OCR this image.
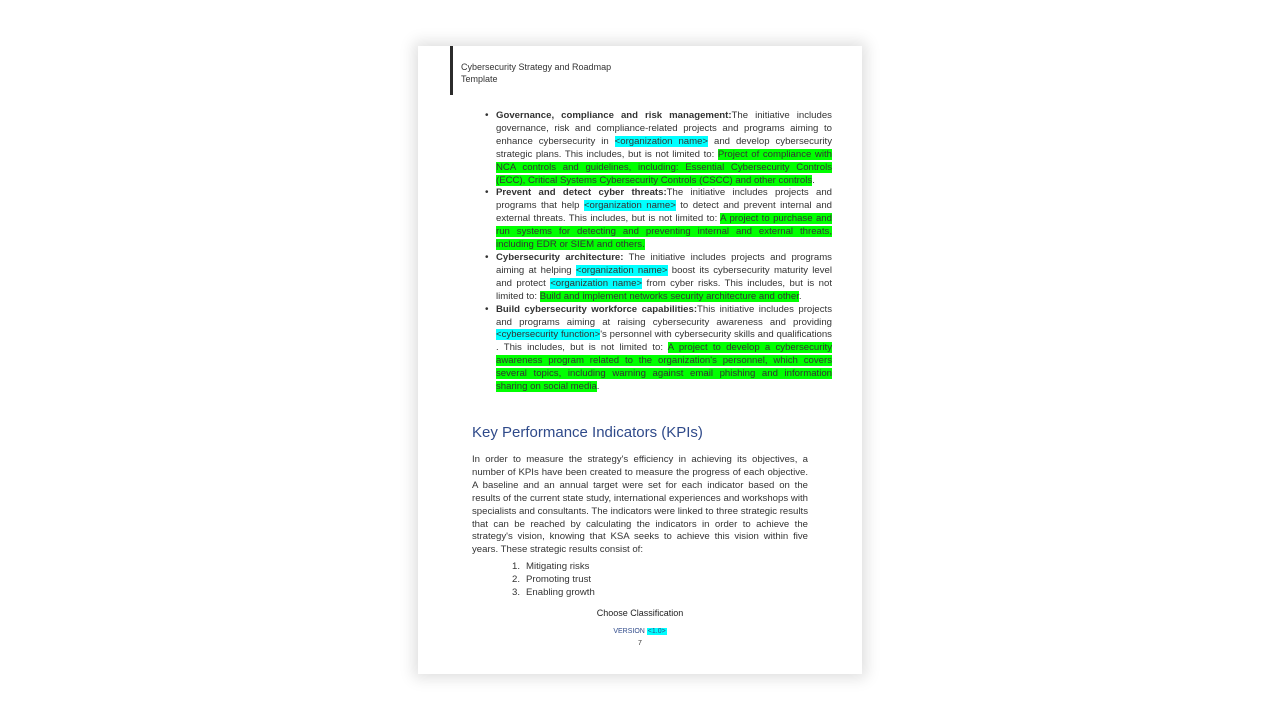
Cybersecurity Strategy and Roadmap
Template
• Governance, compliance and risk management:The initiative includes governance, risk and compliance-related projects and programs aiming to enhance cybersecurity in <organization name> and develop cybersecurity strategic plans. This includes, but is not limited to: Project of compliance with NCA controls and guidelines, including: Essential Cybersecurity Controls (ECC), Critical Systems Cybersecurity Controls (CSCC) and other controls.
• Prevent and detect cyber threats:The initiative includes projects and programs that help <organization name> to detect and prevent internal and external threats. This includes, but is not limited to: A project to purchase and run systems for detecting and preventing internal and external threats, including EDR or SIEM and others.
• Cybersecurity architecture: The initiative includes projects and programs aiming at helping <organization name> boost its cybersecurity maturity level and protect <organization name> from cyber risks. This includes, but is not limited to: Build and implement networks security architecture and other.
• Build cybersecurity workforce capabilities:This initiative includes projects and programs aiming at raising cybersecurity awareness and providing <cybersecurity function>'s personnel with cybersecurity skills and qualifications . This includes, but is not limited to: A project to develop a cybersecurity awareness program related to the organization's personnel, which covers several topics, including warning against email phishing and information sharing on social media.
Key Performance Indicators (KPIs)

In order to measure the strategy's efficiency in achieving its objectives, a number of KPIs have been created to measure the progress of each objective. A baseline and an annual target were set for each indicator based on the results of the current state study, international experiences and workshops with specialists and consultants. The indicators were linked to three strategic results that can be reached by calculating the indicators in order to achieve the strategy's vision, knowing that KSA seeks to achieve this vision within five years. These strategic results consist of:

1. Mitigating risks
2. Promoting trust
3. Enabling growth
Choose Classification
VERSION <1.0>
7
